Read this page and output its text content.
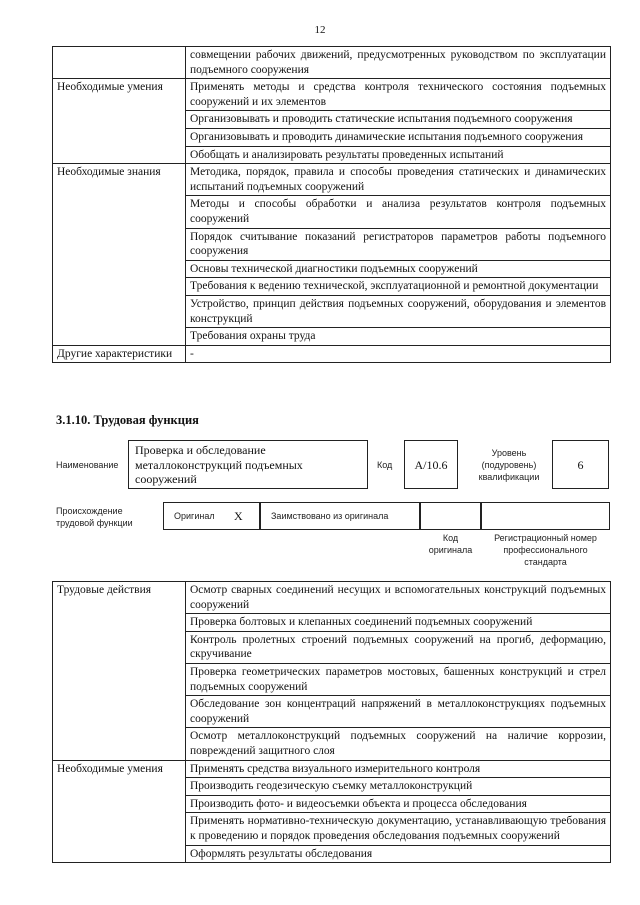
12
	совмещении рабочих движений, предусмотренных руководством по эксплуатации подъемного сооружения
Необходимые умения	Применять методы и средства контроля технического состояния подъемных сооружений и их элементов
	Организовывать и проводить статические испытания подъемного сооружения
	Организовывать и проводить динамические испытания подъемного сооружения
	Обобщать и анализировать результаты проведенных испытаний
Необходимые знания	Методика, порядок, правила и способы проведения статических и динамических испытаний подъемных сооружений
	Методы и способы обработки и анализа результатов контроля подъемных сооружений
	Порядок считывание показаний регистраторов параметров работы подъемного сооружения
	Основы технической диагностики подъемных сооружений
	Требования к ведению технической, эксплуатационной и ремонтной документации
	Устройство, принцип действия подъемных сооружений, оборудования и элементов конструкций
	Требования охраны труда
Другие характеристики	-
3.1.10. Трудовая функция
Наименование
Проверка и обследование металлоконструкций подъемных сооружений
Код	A/10.6
Уровень (подуровень) квалификации
6
Происхождение трудовой функции
Оригинал X	Заимствовано из оригинала
Код оригинала
Регистрационный номер профессионального стандарта
Трудовые действия	Осмотр сварных соединений несущих и вспомогательных конструкций подъемных сооружений
	Проверка болтовых и клепанных соединений подъемных сооружений
	Контроль пролетных строений подъемных сооружений на прогиб, деформацию, скручивание
	Проверка геометрических параметров мостовых, башенных конструкций и стрел подъемных сооружений
	Обследование зон концентраций напряжений в металлоконструкциях подъемных сооружений
	Осмотр металлоконструкций подъемных сооружений на наличие коррозии, повреждений защитного слоя
Необходимые умения	Применять средства визуального измерительного контроля
	Производить геодезическую съемку металлоконструкций
	Производить фото- и видеосъемки объекта и процесса обследования
	Применять нормативно-техническую документацию, устанавливающую требования к проведению и порядок проведения обследования подъемных сооружений
	Оформлять результаты обследования
